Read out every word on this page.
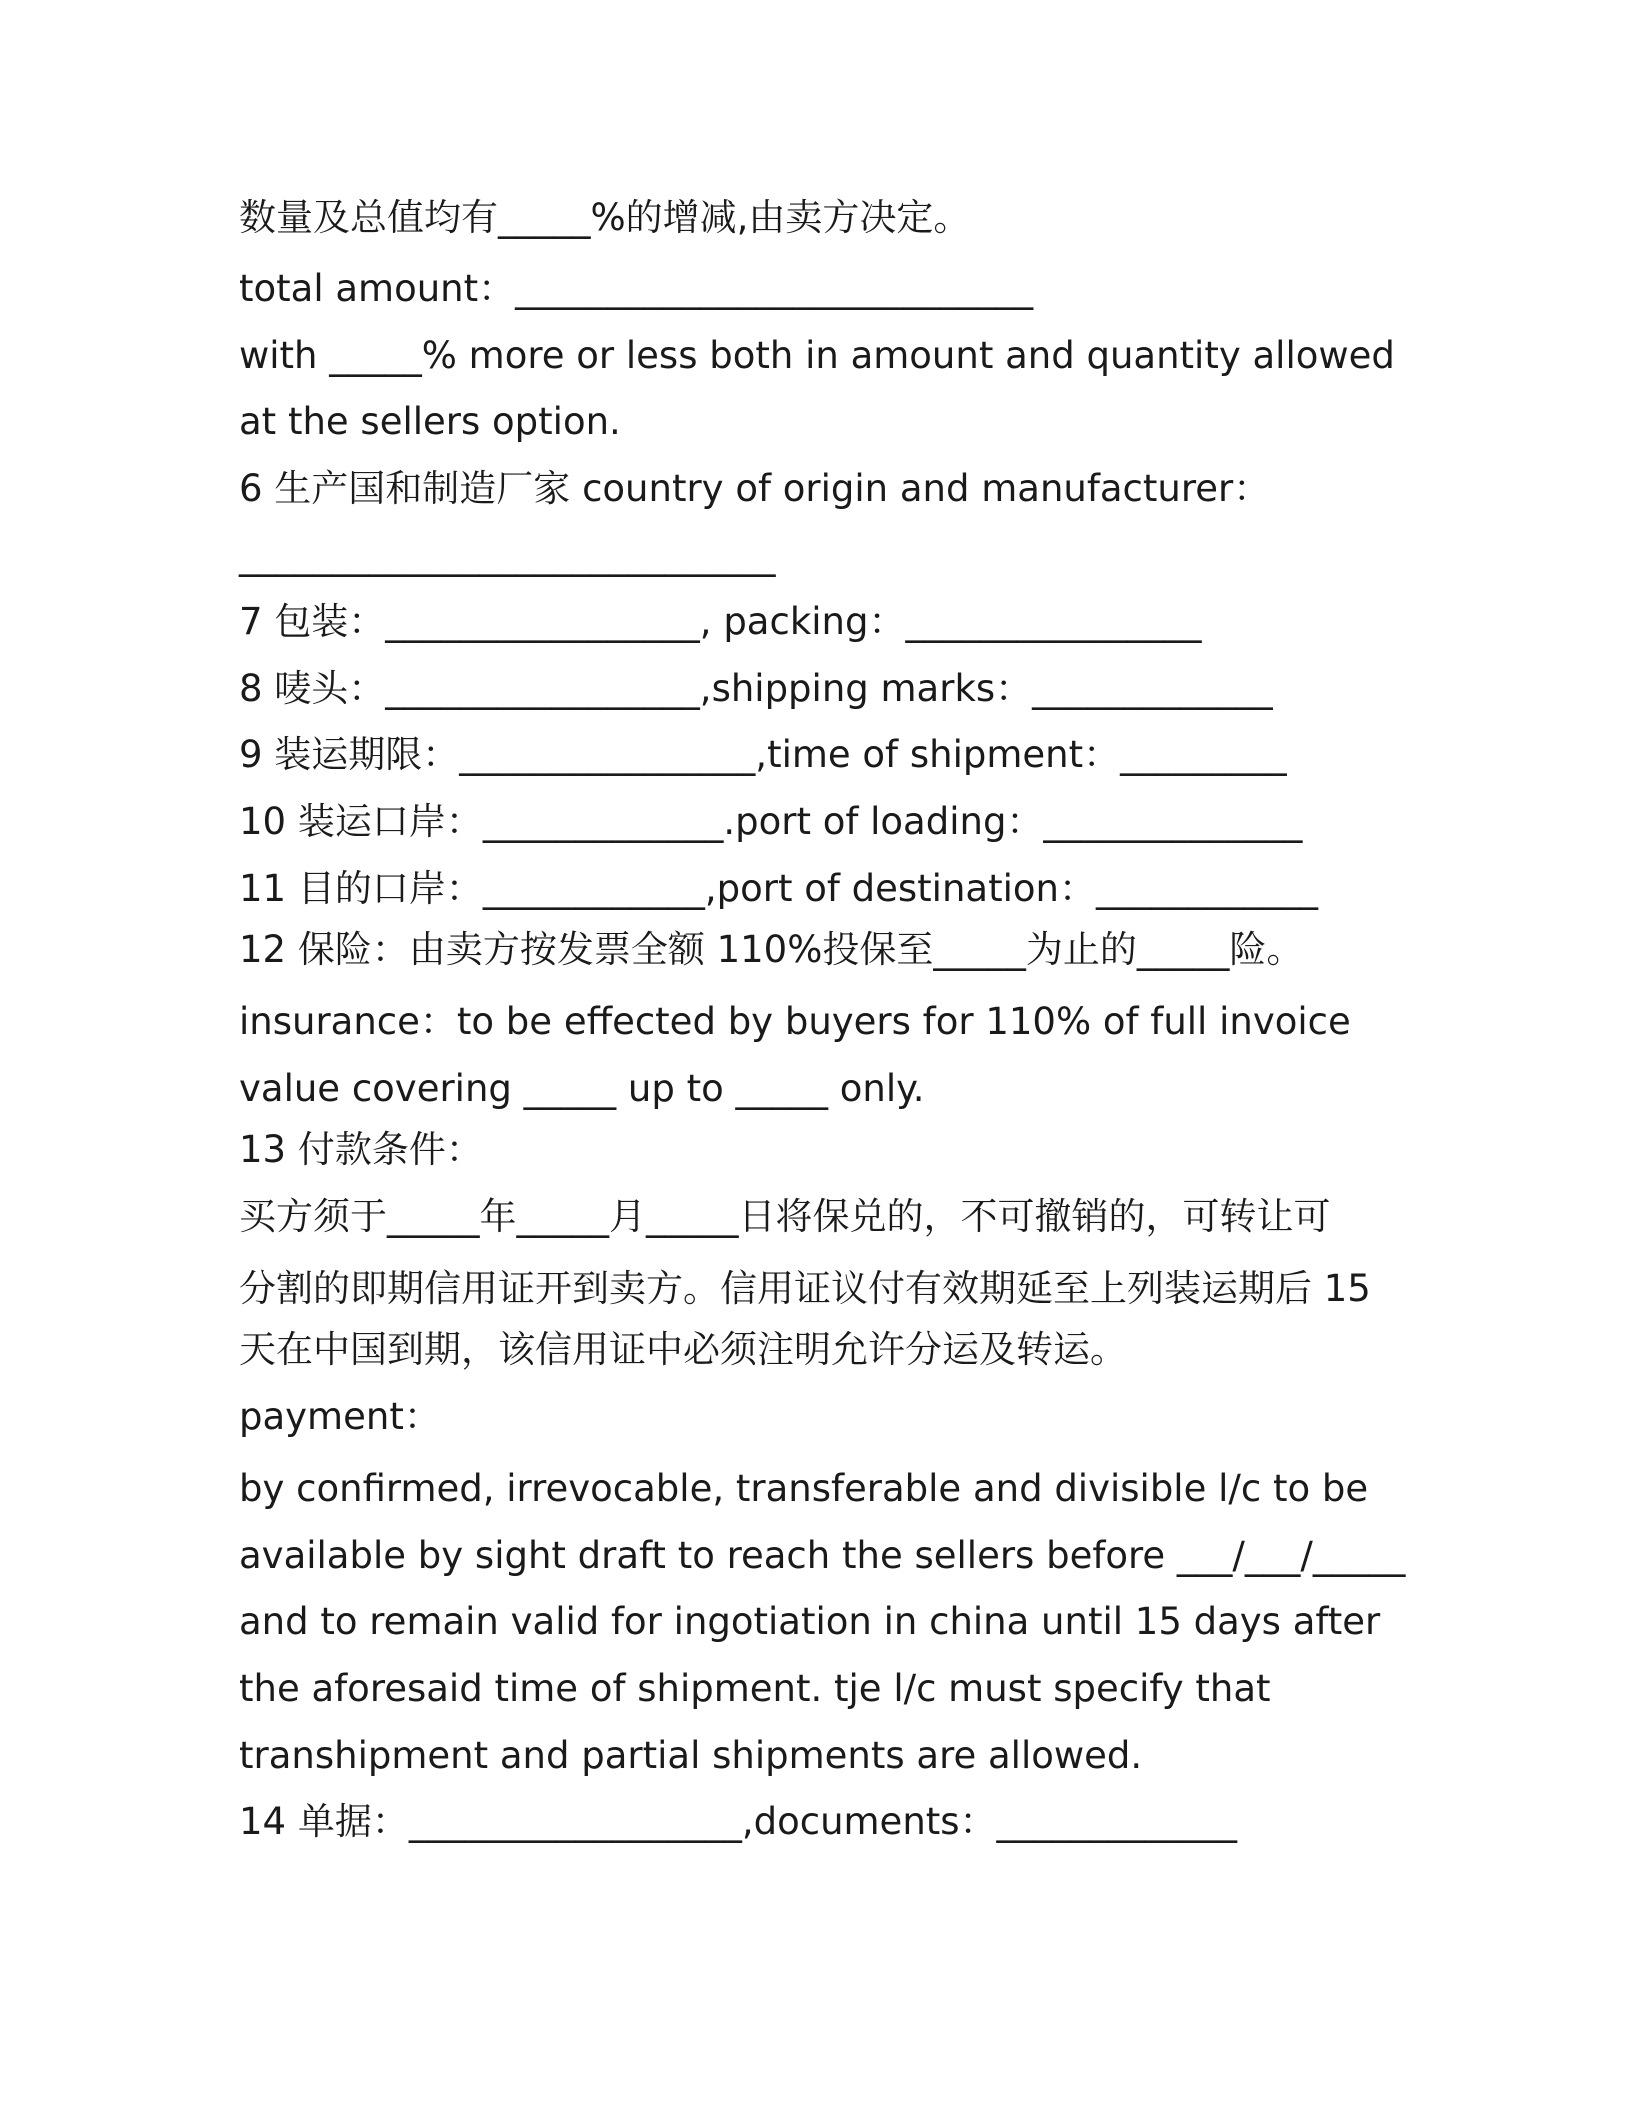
数量及总值均有_____%的增减,由卖方决定。
total amount：____________________________
with _____% more or less both in amount and quantity allowed
at the sellers option.
6 生产国和制造厂家 country of origin and manufacturer：
_____________________________
7 包装：_________________, packing：________________
8 唛头：_________________,shipping marks：_____________
9 装运期限：________________,time of shipment：_________
10 装运口岸：_____________.port of loading：______________
11 目的口岸：____________,port of destination：____________
12 保险：由卖方按发票全额 110%投保至_____为止的_____险。
insurance：to be effected by buyers for 110% of full invoice
value covering _____ up to _____ only.
13 付款条件：
买方须于_____年_____月_____日将保兑的，不可撤销的，可转让可
分割的即期信用证开到卖方。信用证议付有效期延至上列装运期后 15
天在中国到期，该信用证中必须注明允许分运及转运。
payment：
by confirmed, irrevocable, transferable and divisible l/c to be
available by sight draft to reach the sellers before ___/___/_____
and to remain valid for ingotiation in china until 15 days after
the aforesaid time of shipment. tje l/c must specify that
transhipment and partial shipments are allowed.
14 单据：__________________,documents：_____________
